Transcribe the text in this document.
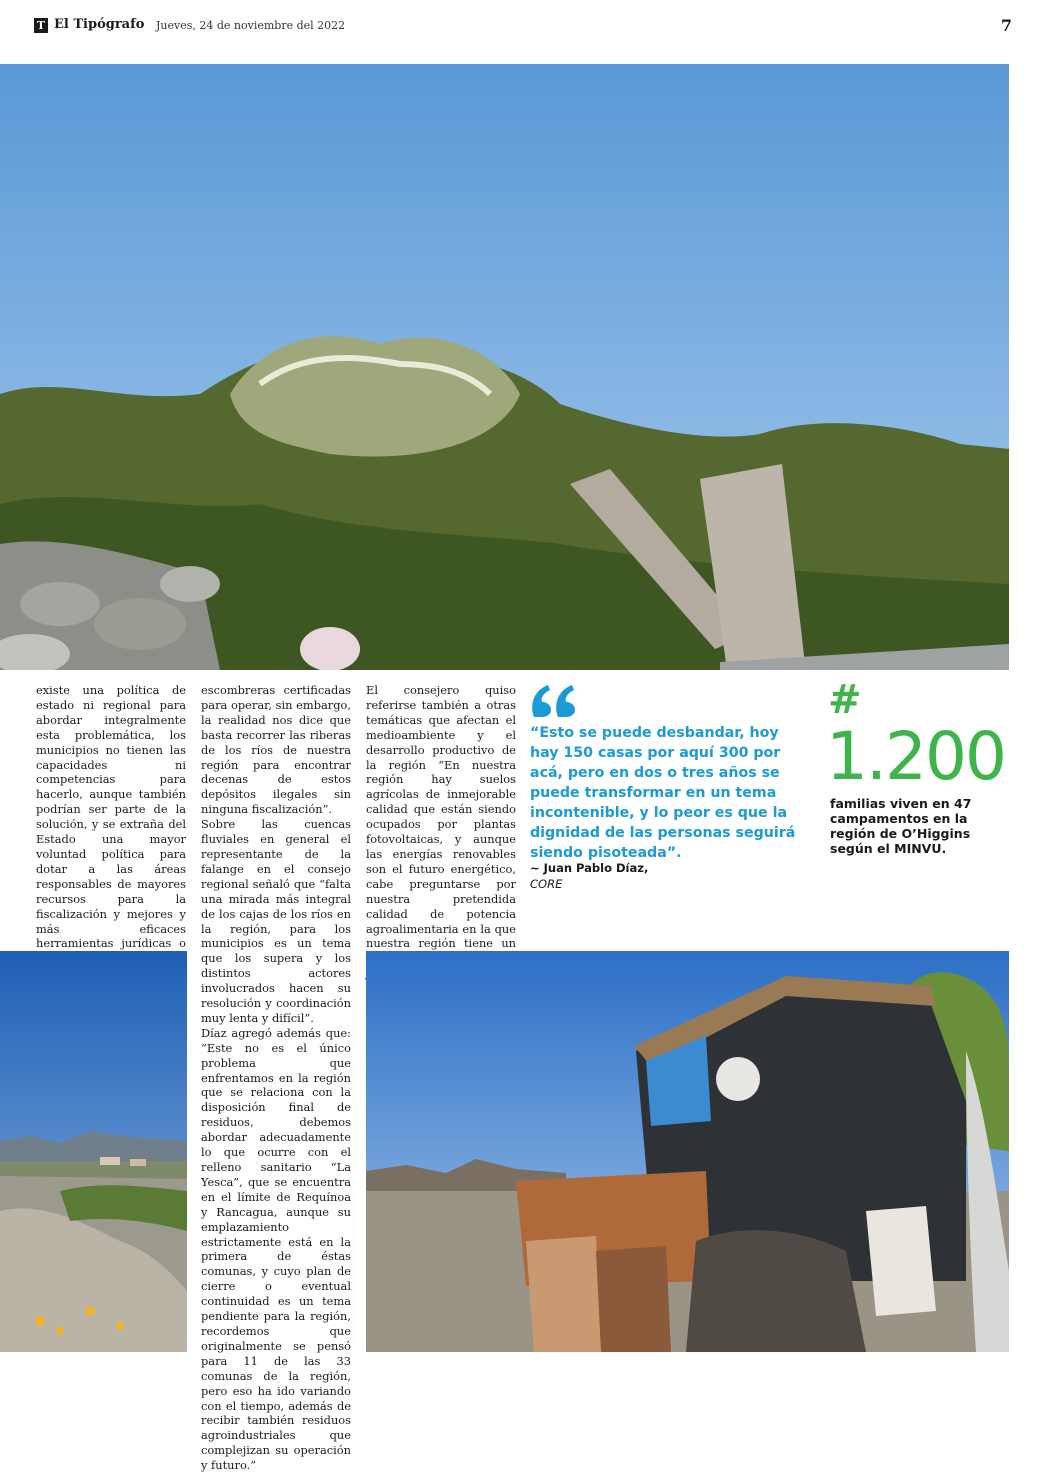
T El Tipógrafo Jueves, 24 de noviembre del 2022	7

existe una política de estado ni regional para abordar integralmente esta problemática, los municipios no tienen las capacidades ni competencias para hacerlo, aunque también podrían ser parte de la solución, y se extraña del Estado una mayor voluntad política para dotar a las áreas responsables de mayores recursos para la fiscalización y mejores y más eficaces herramientas jurídicas o

escombreras certificadas para operar, sin embargo, la realidad nos dice que basta recorrer las riberas de los ríos de nuestra región para encontrar decenas de estos depósitos ilegales sin ninguna fiscalización”.

Sobre las cuencas fluviales en general el representante de la falange en el consejo regional señaló que “falta una mirada más integral de los cajas de los ríos en la región, para los municipios es un tema que los supera y los distintos actores involucrados hacen su resolución y coordinación muy lenta y difícil”.

Díaz agregó además que: “Este no es el único problema que enfrentamos en la región que se relaciona con la disposición final de residuos, debemos abordar adecuadamente lo que ocurre con el relleno sanitario “La Yesca”, que se encuentra en el límite de Requínoa y Rancagua, aunque su emplazamiento estrictamente está en la primera de éstas comunas, y cuyo plan de cierre o eventual continuidad es un tema pendiente para la región, recordemos que originalmente se pensó para 11 de las 33 comunas de la región, pero eso ha ido variando con el tiempo, además de recibir también residuos agroindustriales que complejizan su operación y futuro.”

El consejero quiso referirse también a otras temáticas que afectan el medioambiente y el desarrollo productivo de la región “En nuestra región hay suelos agrícolas de inmejorable calidad que están siendo ocupados por plantas fotovoltaicas, y aunque las energías renovables son el futuro energético, cabe preguntarse por nuestra pretendida calidad de potencia agroalimentaria en la que nuestra región tiene un

“Esto se puede desbandar, hoy hay 150 casas por aquí 300 por acá, pero en dos o tres años se puede transformar en un tema incontenible, y lo peor es que la dignidad de las personas seguirá siendo pisoteada”.
~ Juan Pablo Díaz,
CORE
#
1.200
familias viven en 47 campamentos en la región de O’Higgins según el MINVU.
